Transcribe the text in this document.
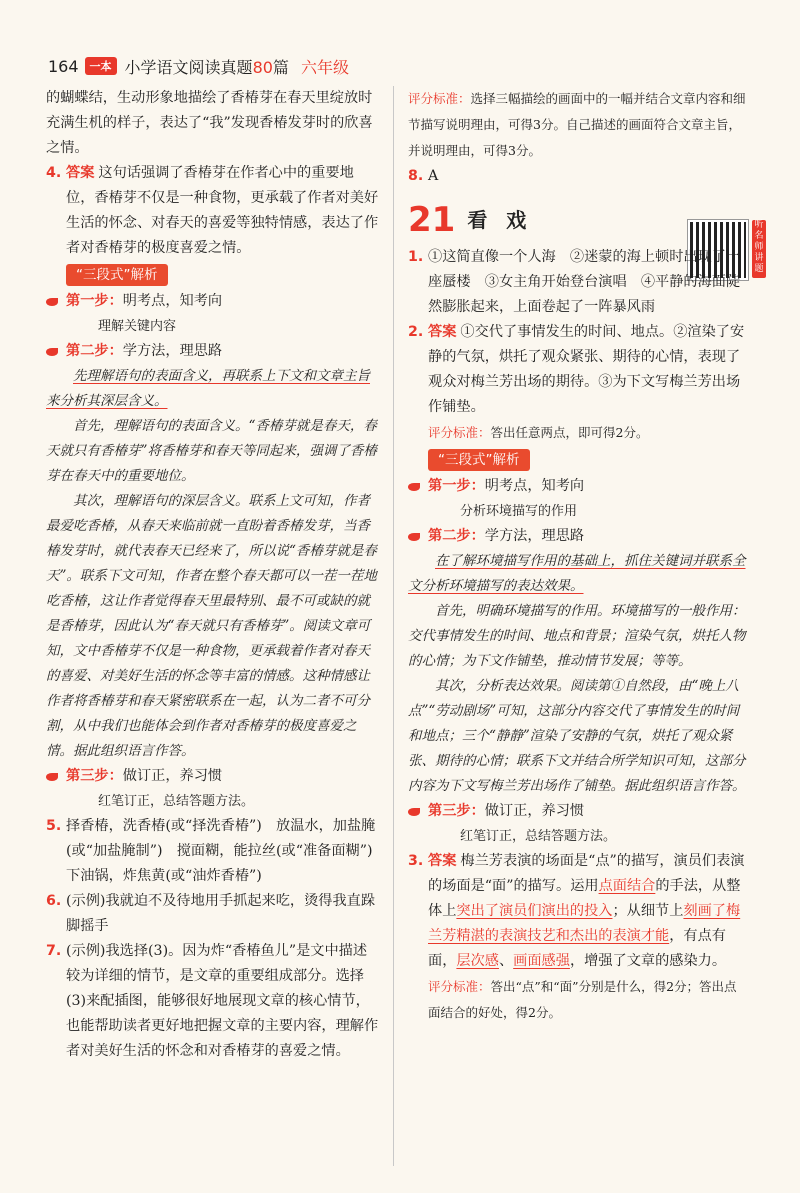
164	一本 小学语文阅读真题80篇 六年级

的蝴蝶结，生动形象地描绘了香椿芽在春天里绽放时充满生机的样子，表达了“我”发现香椿发芽时的欣喜之情。

4. 答案 这句话强调了香椿芽在作者心中的重要地位，香椿芽不仅是一种食物，更承载了作者对美好生活的怀念、对春天的喜爱等独特情感，表达了作者对香椿芽的极度喜爱之情。

“三段式”解析

第一步：明考点，知考向

理解关键内容

第二步：学方法，理思路

先理解语句的表面含义，再联系上下文和文章主旨来分析其深层含义。

首先，理解语句的表面含义。“香椿芽就是春天，春天就只有香椿芽”将香椿芽和春天等同起来，强调了香椿芽在春天中的重要地位。

其次，理解语句的深层含义。联系上文可知，作者最爱吃香椿，从春天来临前就一直盼着香椿发芽，当香椿发芽时，就代表春天已经来了，所以说“香椿芽就是春天”。联系下文可知，作者在整个春天都可以一茬一茬地吃香椿，这让作者觉得春天里最特别、最不可或缺的就是香椿芽，因此认为“春天就只有香椿芽”。阅读文章可知，文中香椿芽不仅是一种食物，更承载着作者对春天的喜爱、对美好生活的怀念等丰富的情感。这种情感让作者将香椿芽和春天紧密联系在一起，认为二者不可分割，从中我们也能体会到作者对香椿芽的极度喜爱之情。据此组织语言作答。

第三步：做订正，养习惯

红笔订正，总结答题方法。

5. 择香椿，洗香椿(或“择洗香椿”)　放温水，加盐腌(或“加盐腌制”)　搅面糊，能拉丝(或“准备面糊”)　下油锅，炸焦黄(或“油炸香椿”)

6. (示例)我就迫不及待地用手抓起来吃，烫得我直跺脚摇手

7. (示例)我选择(3)。因为炸“香椿鱼儿”是文中描述较为详细的情节，是文章的重要组成部分。选择(3)来配插图，能够很好地展现文章的核心情节，也能帮助读者更好地把握文章的主要内容，理解作者对美好生活的怀念和对香椿芽的喜爱之情。

评分标准：选择三幅描绘的画面中的一幅并结合文章内容和细节描写说明理由，可得3分。自己描述的画面符合文章主旨，并说明理由，可得3分。

8. A

21 看 戏	听名师讲题

1. ①这简直像一个人海　②迷蒙的海上顿时出现了一座蜃楼　③女主角开始登台演唱　④平静的海面陡然膨胀起来，上面卷起了一阵暴风雨

2. 答案 ①交代了事情发生的时间、地点。②渲染了安静的气氛，烘托了观众紧张、期待的心情，表现了观众对梅兰芳出场的期待。③为下文写梅兰芳出场作铺垫。

评分标准：答出任意两点，即可得2分。

“三段式”解析

第一步：明考点，知考向

分析环境描写的作用

第二步：学方法，理思路

在了解环境描写作用的基础上，抓住关键词并联系全文分析环境描写的表达效果。

首先，明确环境描写的作用。环境描写的一般作用：交代事情发生的时间、地点和背景；渲染气氛，烘托人物的心情；为下文作铺垫，推动情节发展；等等。

其次，分析表达效果。阅读第①自然段，由“晚上八点”“劳动剧场”可知，这部分内容交代了事情发生的时间和地点；三个“静静”渲染了安静的气氛，烘托了观众紧张、期待的心情；联系下文并结合所学知识可知，这部分内容为下文写梅兰芳出场作了铺垫。据此组织语言作答。

第三步：做订正，养习惯

红笔订正，总结答题方法。

3. 答案 梅兰芳表演的场面是“点”的描写，演员们表演的场面是“面”的描写。运用点面结合的手法，从整体上突出了演员们演出的投入；从细节上刻画了梅兰芳精湛的表演技艺和杰出的表演才能，有点有面，层次感、画面感强，增强了文章的感染力。

评分标准：答出“点”和“面”分别是什么，得2分；答出点面结合的好处，得2分。
